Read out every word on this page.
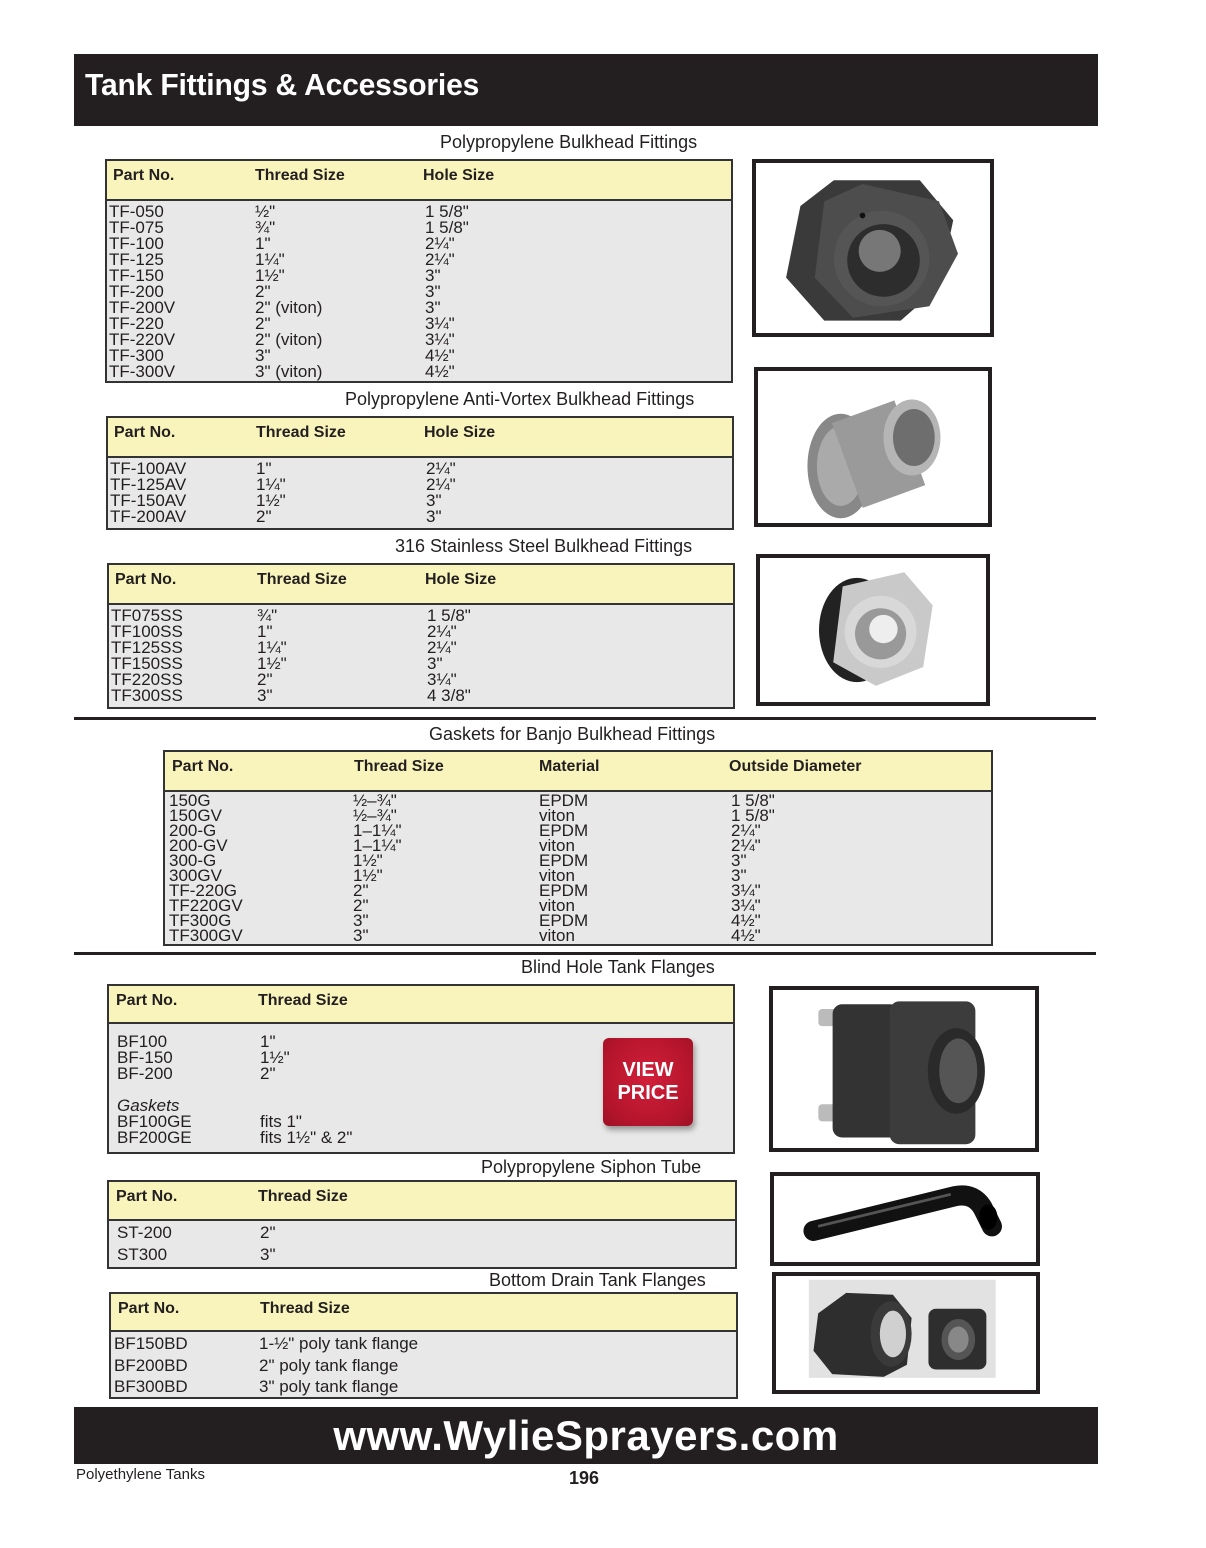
Tank Fittings & Accessories
Polypropylene Bulkhead Fittings
Part No.	Thread Size	Hole Size
TF-050	½"	1 5/8"
TF-075	¾"	1 5/8"
TF-100	1"	2¼"
TF-125	1¼"	2¼"
TF-150	1½"	3"
TF-200	2"	3"
TF-200V	2" (viton)	3"
TF-220	2"	3¼"
TF-220V	2" (viton)	3¼"
TF-300	3"	4½"
TF-300V	3" (viton)	4½"
Polypropylene Anti-Vortex Bulkhead Fittings
Part No.	Thread Size	Hole Size
TF-100AV	1"	2¼"
TF-125AV	1¼"	2¼"
TF-150AV	1½"	3"
TF-200AV	2"	3"
316 Stainless Steel Bulkhead Fittings
Part No.	Thread Size	Hole Size
TF075SS	¾"	1 5/8"
TF100SS	1"	2¼"
TF125SS	1¼"	2¼"
TF150SS	1½"	3"
TF220SS	2"	3¼"
TF300SS	3"	4 3/8"
Gaskets for Banjo Bulkhead Fittings
Part No.	Thread Size	Material	Outside Diameter
150G	½–¾"	EPDM	1 5/8"
150GV	½–¾"	viton	1 5/8"
200-G	1–1¼"	EPDM	2¼"
200-GV	1–1¼"	viton	2¼"
300-G	1½"	EPDM	3"
300GV	1½"	viton	3"
TF-220G	2"	EPDM	3¼"
TF220GV	2"	viton	3¼"
TF300G	3"	EPDM	4½"
TF300GV	3"	viton	4½"
Blind Hole Tank Flanges
Part No.	Thread Size
BF100	1"
BF-150	1½"
BF-200	2"
Gaskets
BF100GE	fits 1"
BF200GE	fits 1½" & 2"
VIEW
PRICE
Polypropylene Siphon Tube
Part No.	Thread Size
ST-200	2"
ST300	3"
Bottom Drain Tank Flanges
Part No.	Thread Size
BF150BD	1-½" poly tank flange
BF200BD	2" poly tank flange
BF300BD	3" poly tank flange
www.WylieSprayers.com
Polyethylene Tanks	196
